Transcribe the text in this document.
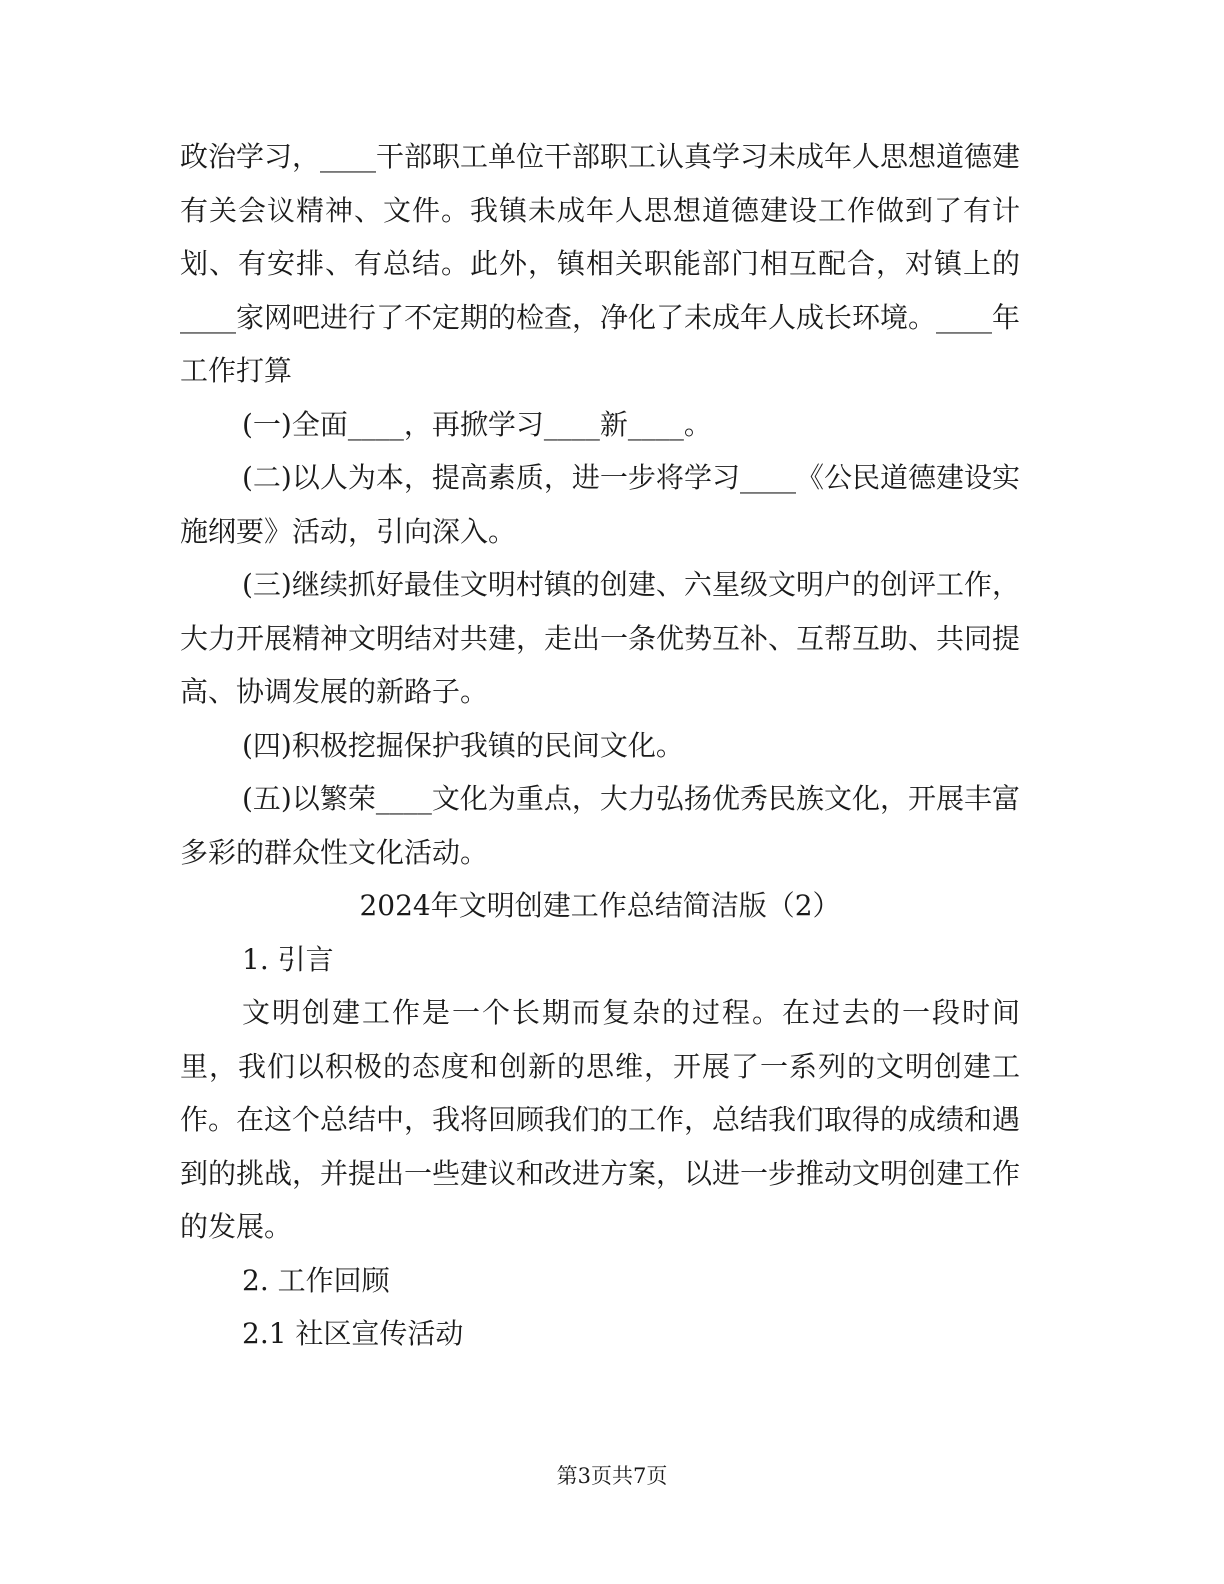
政治学习，____干部职工单位干部职工认真学习未成年人思想道德建有关会议精神、文件。我镇未成年人思想道德建设工作做到了有计划、有安排、有总结。此外，镇相关职能部门相互配合，对镇上的____家网吧进行了不定期的检查，净化了未成年人成长环境。____年工作打算

(一)全面____，再掀学习____新____。

(二)以人为本，提高素质，进一步将学习____《公民道德建设实施纲要》活动，引向深入。

(三)继续抓好最佳文明村镇的创建、六星级文明户的创评工作，大力开展精神文明结对共建，走出一条优势互补、互帮互助、共同提高、协调发展的新路子。

(四)积极挖掘保护我镇的民间文化。

(五)以繁荣____文化为重点，大力弘扬优秀民族文化，开展丰富多彩的群众性文化活动。

2024年文明创建工作总结简洁版（2）

1. 引言

文明创建工作是一个长期而复杂的过程。在过去的一段时间里，我们以积极的态度和创新的思维，开展了一系列的文明创建工作。在这个总结中，我将回顾我们的工作，总结我们取得的成绩和遇到的挑战，并提出一些建议和改进方案，以进一步推动文明创建工作的发展。

2. 工作回顾

2.1 社区宣传活动

第3页共7页
